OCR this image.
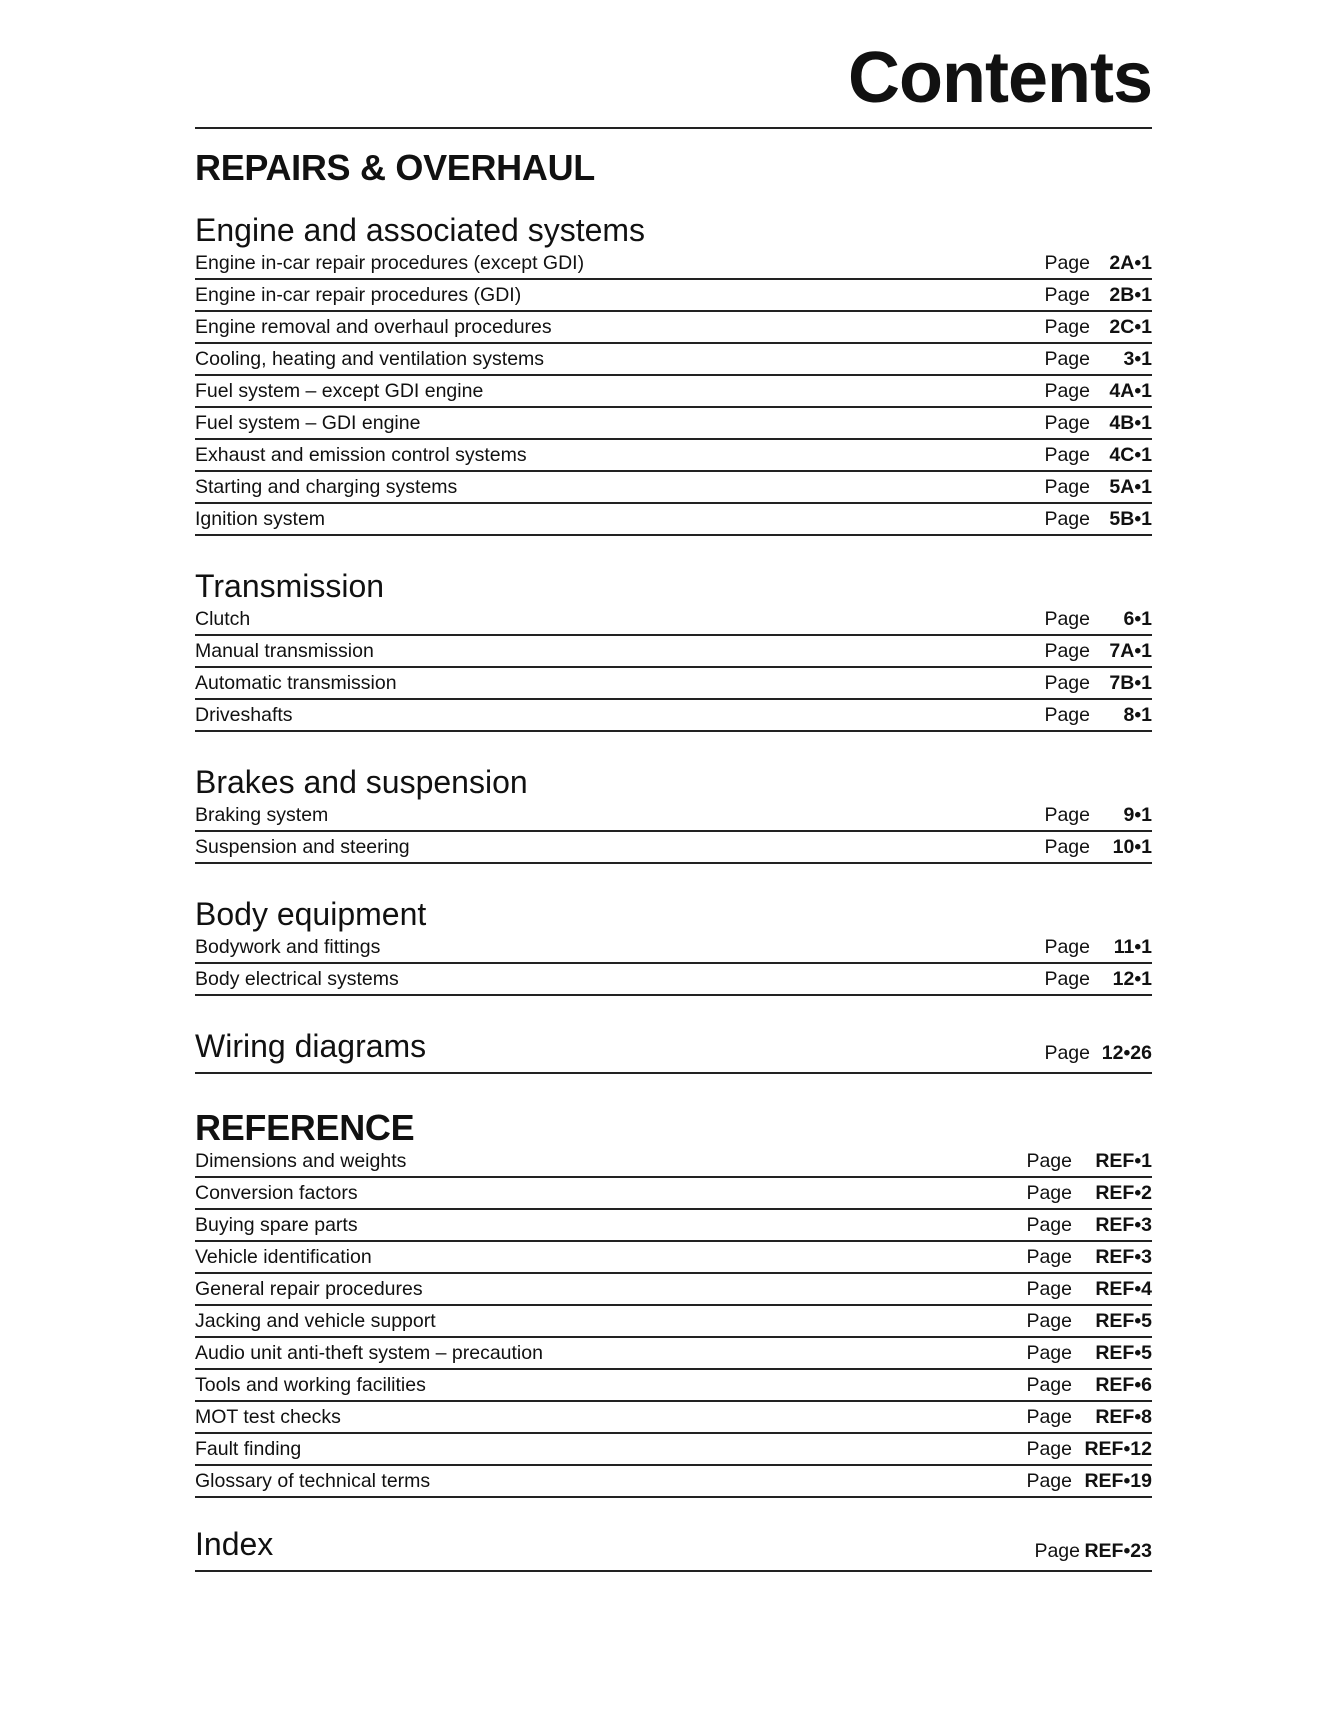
Contents
REPAIRS & OVERHAUL
Engine and associated systems
Engine in-car repair procedures (except GDI)	Page 2A•1
Engine in-car repair procedures (GDI)	Page 2B•1
Engine removal and overhaul procedures	Page 2C•1
Cooling, heating and ventilation systems	Page 3•1
Fuel system – except GDI engine	Page 4A•1
Fuel system – GDI engine	Page 4B•1
Exhaust and emission control systems	Page 4C•1
Starting and charging systems	Page 5A•1
Ignition system	Page 5B•1
Transmission
Clutch	Page 6•1
Manual transmission	Page 7A•1
Automatic transmission	Page 7B•1
Driveshafts	Page 8•1
Brakes and suspension
Braking system	Page 9•1
Suspension and steering	Page 10•1
Body equipment
Bodywork and fittings	Page 11•1
Body electrical systems	Page 12•1
Wiring diagrams	Page 12•26
REFERENCE
Dimensions and weights	Page REF•1
Conversion factors	Page REF•2
Buying spare parts	Page REF•3
Vehicle identification	Page REF•3
General repair procedures	Page REF•4
Jacking and vehicle support	Page REF•5
Audio unit anti-theft system – precaution	Page REF•5
Tools and working facilities	Page REF•6
MOT test checks	Page REF•8
Fault finding	Page REF•12
Glossary of technical terms	Page REF•19
Index	Page REF•23
